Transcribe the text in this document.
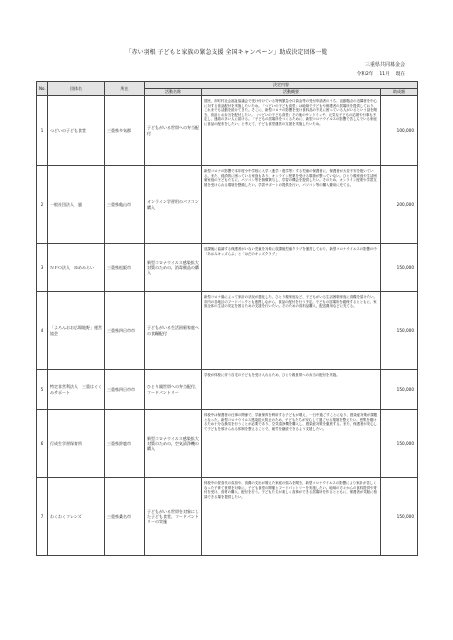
「赤い羽根 子どもと家族の緊急支援 全国キャンペーン」助成決定団体一覧
三重県共同募金会
令和2年 11月 現在
No.	団体名	所在	決定内容		
			活動名称	活動概要	助成額
1	つどいの子ども食堂	三重県多気郡	子どもがいる世帯への弁当配付	国民、市町村社会福祉協議会で受け付けている特例緊急小口資金等の受付申請者のうち、活動拠点の近隣者を中心に対する食品配付を実施したいため。「つどいの子ども食堂」は地域で子どもや保護者の居場所を提供しており、これまでも活動を続けてきた。そこに、新型コロナの影響を受け食料品の不足に困っている人がいるという話を聞き、食品とお弁当を配付したい。（つどいの子ども食堂）その他のサンドイッチ、元気な子どもの応援や行事も予定し、連絡の多い人に届ける。「子どもの居場所をつくるために、新型コロナウイルスの影響で苦しんでいる家庭に食品の配布をしたい」と考えて、子ども食堂運営の支援を実施したいため。	100,000
2	一般社団法人　風	三重県亀山市	オンライン学習用のパソコン購入	新型コロナの影響で本年度小中学校に入学（進学・復学等）する児童の保護者に、保護者が大変不安を抱いている。また、経済的に困っている家庭もあり、オンライン授業を受ける環境が整っていない。ひとり親家庭や生活困窮家庭の子どもたちに、パソコン等を無償貸与し、学習の機会を提供したい。そのため、オンライン授業や学習支援を受けられる環境を整備したい。学習サポートの提供を行い、パソコン等の購入費用に充てる。	200,000
3	ＮＰＯ法人　ゆめみらい	三重県松阪市	新型コロナウイルス感染拡大対策のための、消毒備品の購入	放課後に協調する保護者がいない児童を対象に放課後児童クラブを運営しており、新型コロナウイルスの影響の中「あおみキッズらぶ」と「はだのキッズクラブ」	150,000
4	「よろんおお広場地野」運営協会	三重県四日市市	子どもがいる生活困窮家庭への食糧配付	新型コロナ禍によって家計の状況が悪化した、ひとり親家庭など、子どもがいる生活困窮家庭に食糧を届けたい。市内の各地区のフードバンクとも連携しながら、食品の配付を行う予定。子どもの居場所を確保するとともに、家族全体の生活の安定を図るための支援を行いたい。そのための食料品購入、配送費用などに充てる。	150,000
5	特定非営利法人　三重はぐくみサポート	三重県四日市市	ひとり親世帯への弁当配付、フードパントリー	学校が休校に伴う自宅の子どもを受け入れるため、ひとり親世帯への弁当の配付を実施。	150,000
6	行成生学習保育所	三重県鈴鹿市	新型コロナウイルス感染拡大対策のための、空気清浄機の購入	休校中は保護者の仕事の関係で、学童保育を利用する子どもが増え、一日中過ごすことになり、感染症対策が課題となった。新型コロナウイルス感染拡大防止のため、子どもたちが安心して過ごせる環境を整えたい。密集を避けるため十分な換気を行うことが必要であり、空気清浄機を購入し、感染症対策を徹底する。また、保護者が安心して子どもを預けられる体制を整えることで、就労を継続できるよう支援したい。	150,000
7	わくわくフレンズ	三重県桑名市	子どもがいる世帯を対象にした子ども食堂、フードパントリーの実施	休校中の昼食代の負担や、食費の支出が増えた家庭の悩みを聞き、新型コロナウイルスの影響により家計が苦しくなった子育て世帯を対象に、子ども食堂の開催とフードパントリーを実施したい。地域の方々からの食料提供や寄付を受け、食材の購入、配付を行う。子どもたちが楽しく食事ができる居場所を作るとともに、保護者が気軽に相談できる場を提供したい。	150,000
